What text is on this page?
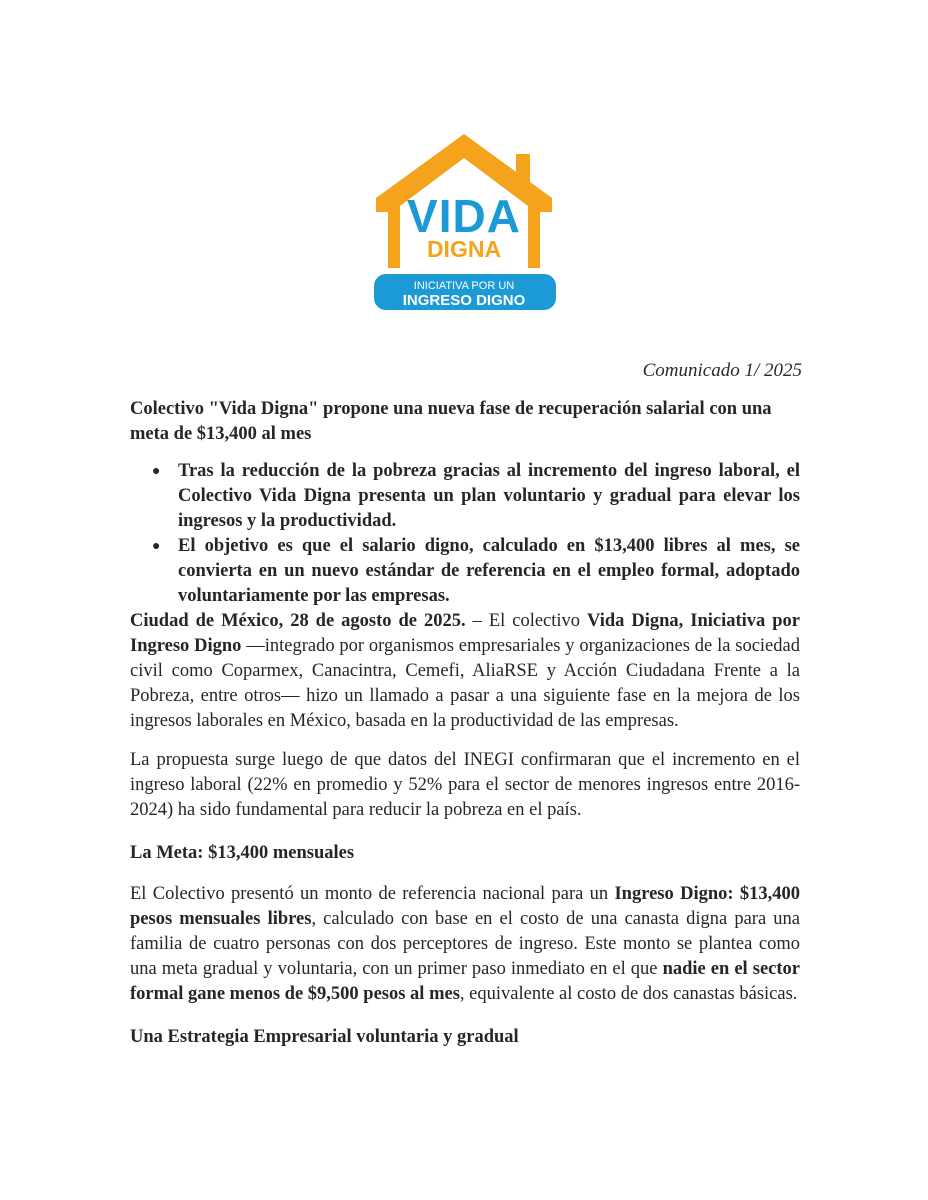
VIDA
DIGNA
INICIATIVA POR UN
INGRESO DIGNO
Comunicado 1/ 2025
Colectivo "Vida Digna" propone una nueva fase de recuperación salarial con una meta de $13,400 al mes
● Tras la reducción de la pobreza gracias al incremento del ingreso laboral, el Colectivo Vida Digna presenta un plan voluntario y gradual para elevar los ingresos y la productividad.
● El objetivo es que el salario digno, calculado en $13,400 libres al mes, se convierta en un nuevo estándar de referencia en el empleo formal, adoptado voluntariamente por las empresas.

Ciudad de México, 28 de agosto de 2025. – El colectivo Vida Digna, Iniciativa por Ingreso Digno —integrado por organismos empresariales y organizaciones de la sociedad civil como Coparmex, Canacintra, Cemefi, AliaRSE y Acción Ciudadana Frente a la Pobreza, entre otros— hizo un llamado a pasar a una siguiente fase en la mejora de los ingresos laborales en México, basada en la productividad de las empresas.

La propuesta surge luego de que datos del INEGI confirmaran que el incremento en el ingreso laboral (22% en promedio y 52% para el sector de menores ingresos entre 2016-2024) ha sido fundamental para reducir la pobreza en el país.

La Meta: $13,400 mensuales

El Colectivo presentó un monto de referencia nacional para un Ingreso Digno: $13,400 pesos mensuales libres, calculado con base en el costo de una canasta digna para una familia de cuatro personas con dos perceptores de ingreso. Este monto se plantea como una meta gradual y voluntaria, con un primer paso inmediato en el que nadie en el sector formal gane menos de $9,500 pesos al mes, equivalente al costo de dos canastas básicas.

Una Estrategia Empresarial voluntaria y gradual
